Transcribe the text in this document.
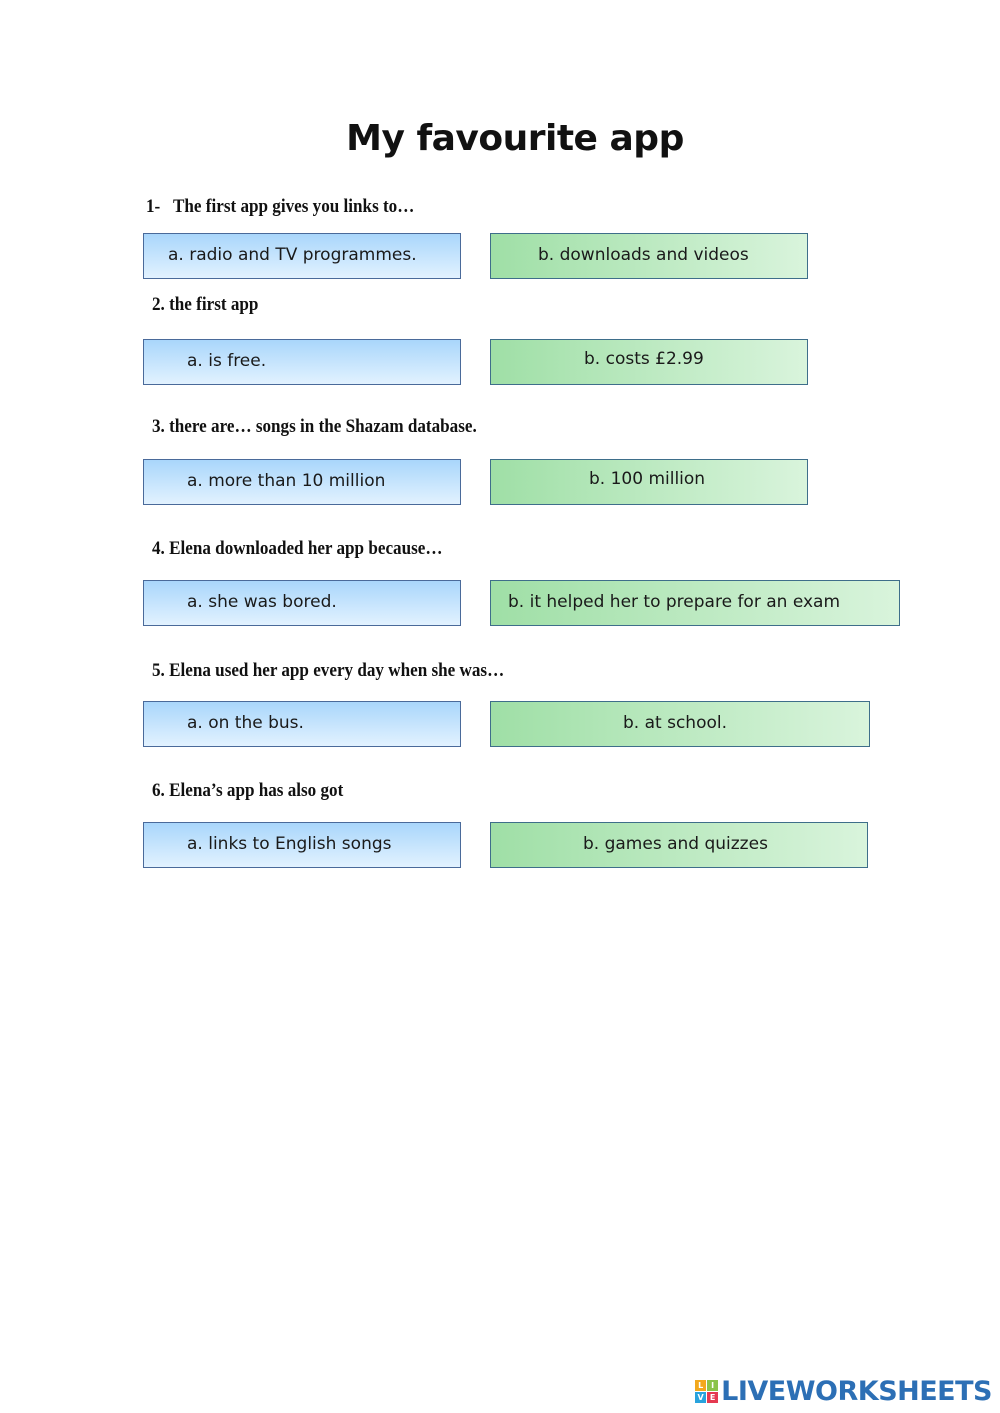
My favourite app
1- The first app gives you links to…
a. radio and TV programmes.	b. downloads and videos
2. the first app
a. is free.	b. costs £2.99
3. there are… songs in the Shazam database.
a. more than 10 million	b. 100 million
4. Elena downloaded her app because…
a. she was bored.	b. it helped her to prepare for an exam
5. Elena used her app every day when she was…
a. on the bus.	b. at school.
6. Elena’s app has also got
a. links to English songs	b. games and quizzes
L I
V E LIVEWORKSHEETS
